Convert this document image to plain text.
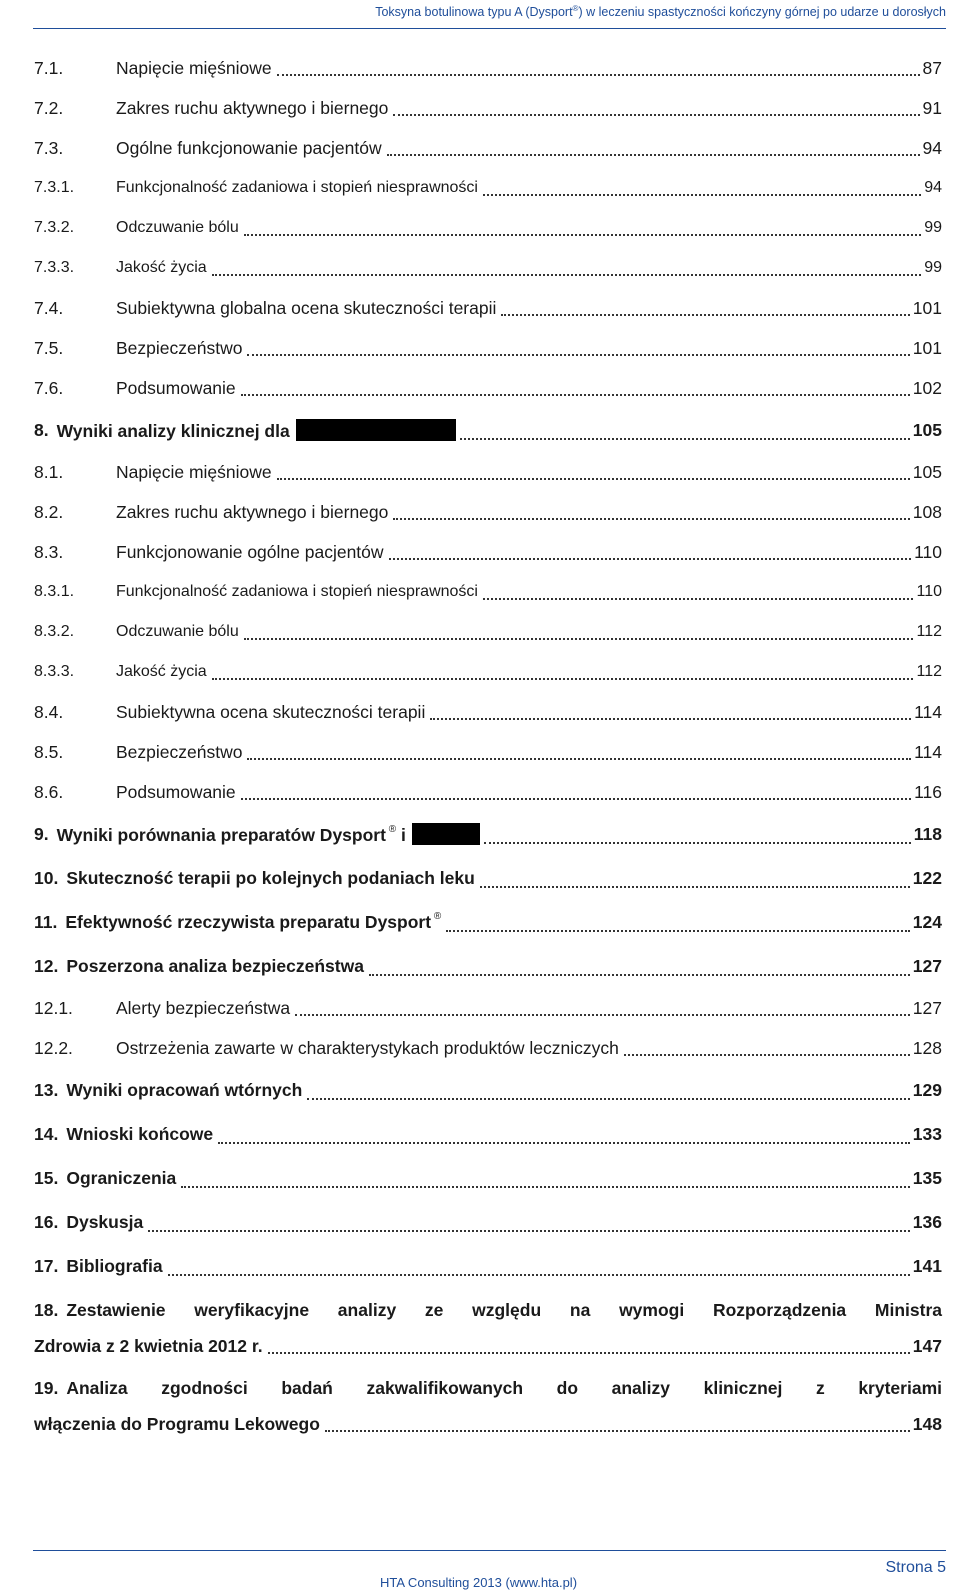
Toksyna botulinowa typu A (Dysport®) w leczeniu spastyczności kończyny górnej po udarze u dorosłych
7.1.	Napięcie mięśniowe	87
7.2.	Zakres ruchu aktywnego i biernego	91
7.3.	Ogólne funkcjonowanie pacjentów	94
7.3.1.	Funkcjonalność zadaniowa i stopień niesprawności	94
7.3.2.	Odczuwanie bólu	99
7.3.3.	Jakość życia	99
7.4.	Subiektywna globalna ocena skuteczności terapii	101
7.5.	Bezpieczeństwo	101
7.6.	Podsumowanie	102
8. Wyniki analizy klinicznej dla	®	105
8.1.	Napięcie mięśniowe	105
8.2.	Zakres ruchu aktywnego i biernego	108
8.3.	Funkcjonowanie ogólne pacjentów	110
8.3.1.	Funkcjonalność zadaniowa i stopień niesprawności	110
8.3.2.	Odczuwanie bólu	112
8.3.3.	Jakość życia	112
8.4.	Subiektywna ocena skuteczności terapii	114
8.5.	Bezpieczeństwo	114
8.6.	Podsumowanie	116
9. Wyniki porównania preparatów Dysport ® i	®	118
10. Skuteczność terapii po kolejnych podaniach leku	122
11. Efektywność rzeczywista preparatu Dysport ®	124
12. Poszerzona analiza bezpieczeństwa	127
12.1.	Alerty bezpieczeństwa	127
12.2.	Ostrzeżenia zawarte w charakterystykach produktów leczniczych	128
13. Wyniki opracowań wtórnych	129
14. Wnioski końcowe	133
15. Ograniczenia	135
16. Dyskusja	136
17. Bibliografia	141
18. Zestawienie weryfikacyjne analizy ze względu na wymogi Rozporządzenia Ministra
Zdrowia z 2 kwietnia 2012 r.	147
19. Analiza zgodności badań zakwalifikowanych do analizy klinicznej z kryteriami
włączenia do Programu Lekowego	148
HTA Consulting 2013 (www.hta.pl)
Strona 5
